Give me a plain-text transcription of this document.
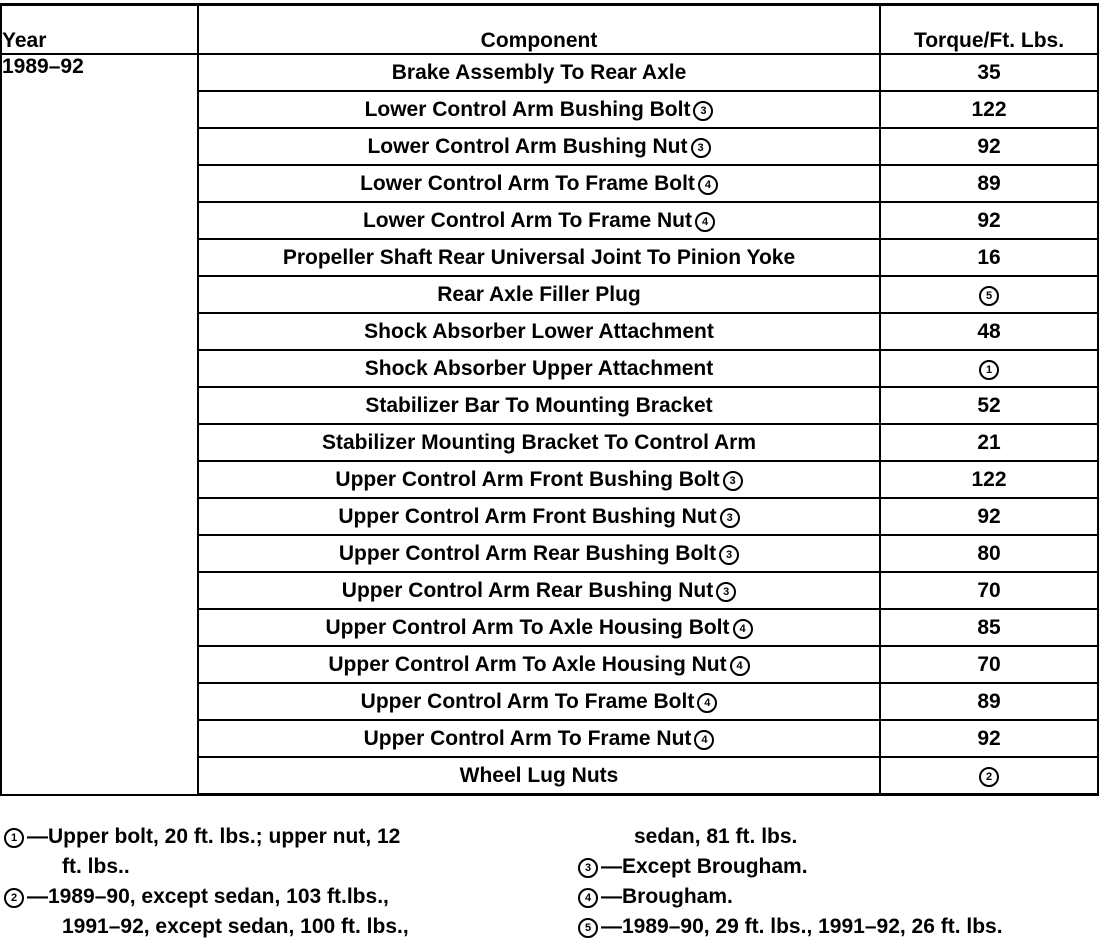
Year	Component	Torque/Ft. Lbs.
1989–92	Brake Assembly To Rear Axle	35
	Lower Control Arm Bushing Bolt 3	122
	Lower Control Arm Bushing Nut 3	92
	Lower Control Arm To Frame Bolt 4	89
	Lower Control Arm To Frame Nut 4	92
	Propeller Shaft Rear Universal Joint To Pinion Yoke	16
	Rear Axle Filler Plug	5
	Shock Absorber Lower Attachment	48
	Shock Absorber Upper Attachment	1
	Stabilizer Bar To Mounting Bracket	52
	Stabilizer Mounting Bracket To Control Arm	21
	Upper Control Arm Front Bushing Bolt 3	122
	Upper Control Arm Front Bushing Nut 3	92
	Upper Control Arm Rear Bushing Bolt 3	80
	Upper Control Arm Rear Bushing Nut 3	70
	Upper Control Arm To Axle Housing Bolt 4	85
	Upper Control Arm To Axle Housing Nut 4	70
	Upper Control Arm To Frame Bolt 4	89
	Upper Control Arm To Frame Nut 4	92
	Wheel Lug Nuts	2
1 —Upper bolt, 20 ft. lbs.; upper nut, 12
ft. lbs..
2 —1989–90, except sedan, 103 ft.lbs.,
1991–92, except sedan, 100 ft. lbs.,
sedan, 81 ft. lbs.
3 —Except Brougham.
4 —Brougham.
5 —1989–90, 29 ft. lbs., 1991–92, 26 ft. lbs.
